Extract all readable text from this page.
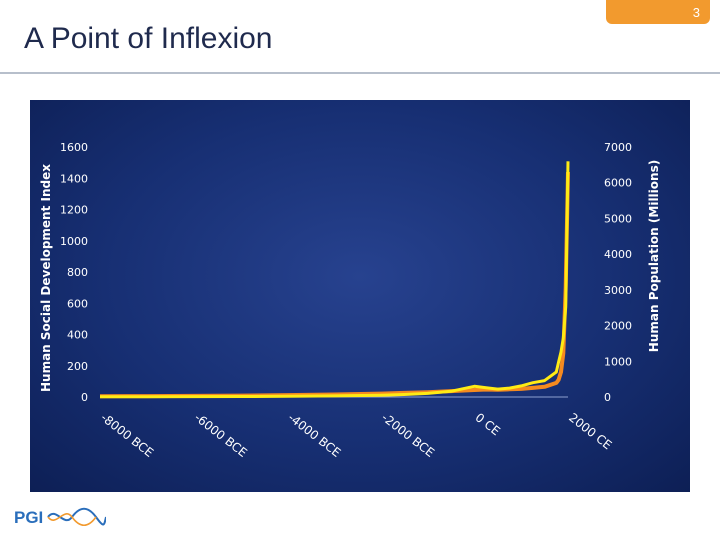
3
A Point of Inflexion
0
200
400
600
800
1000
1200
1400
1600
0
1000
2000
3000
4000
5000
6000
7000
-8000 BCE	-6000 BCE	-4000 BCE	-2000 BCE	0 CE	2000 CE
Human Social Development Index	Human Population (Millions)
PGI
